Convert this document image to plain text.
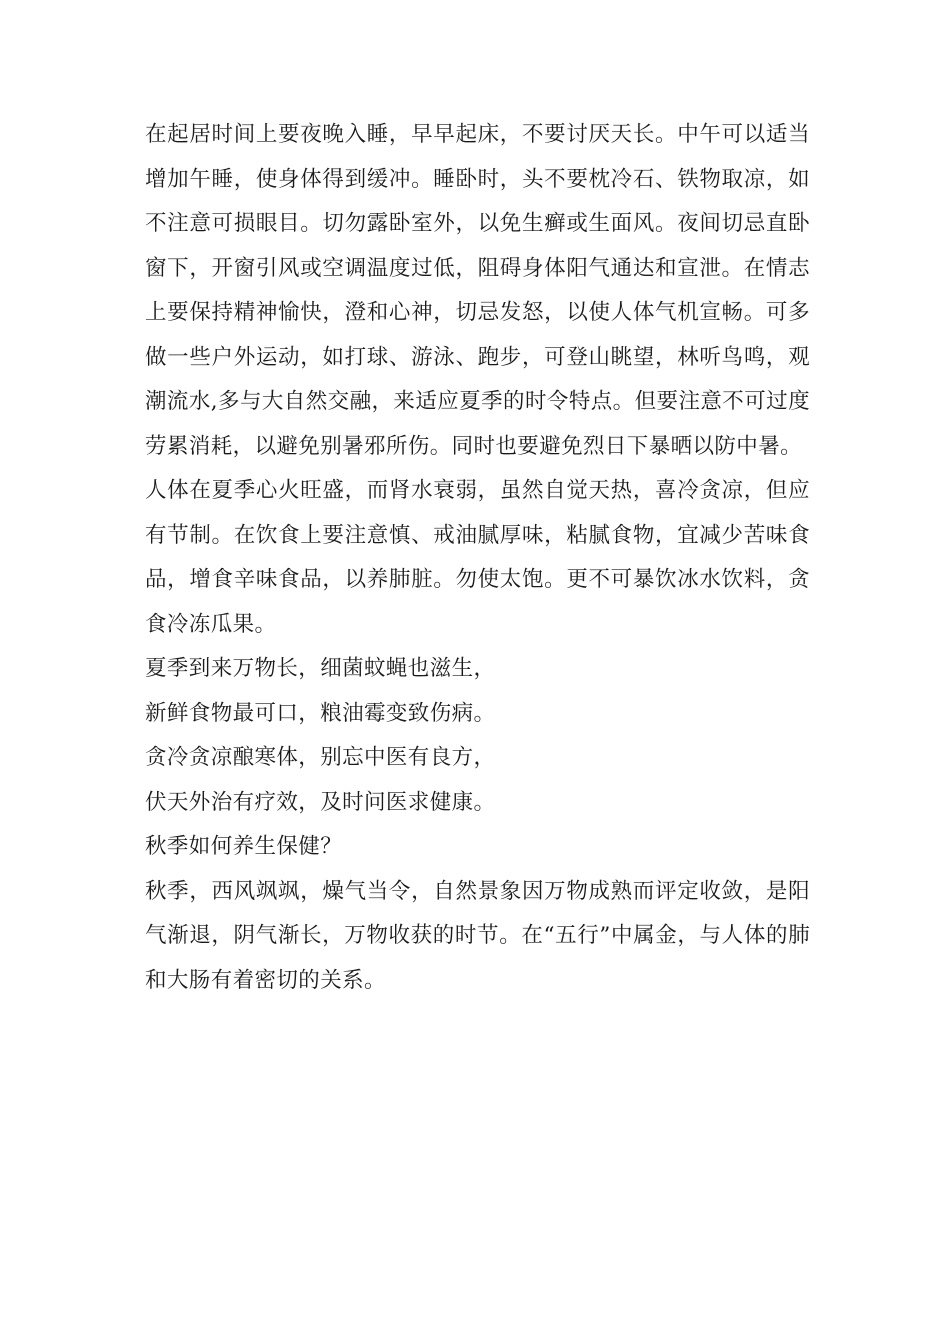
在起居时间上要夜晚入睡，早早起床，不要讨厌天长。中午可以适当增加午睡，使身体得到缓冲。睡卧时，头不要枕冷石、铁物取凉，如不注意可损眼目。切勿露卧室外，以免生癣或生面风。夜间切忌直卧窗下，开窗引风或空调温度过低，阻碍身体阳气通达和宣泄。在情志上要保持精神愉快，澄和心神，切忌发怒，以使人体气机宣畅。可多做一些户外运动，如打球、游泳、跑步，可登山眺望，林听鸟鸣，观潮流水,多与大自然交融，来适应夏季的时令特点。但要注意不可过度劳累消耗，以避免别暑邪所伤。同时也要避免烈日下暴晒以防中暑。

人体在夏季心火旺盛，而肾水衰弱，虽然自觉天热，喜冷贪凉，但应有节制。在饮食上要注意慎、戒油腻厚味，粘腻食物，宜减少苦味食品，增食辛味食品，以养肺脏。勿使太饱。更不可暴饮冰水饮料，贪食冷冻瓜果。

夏季到来万物长，细菌蚊蝇也滋生，

新鲜食物最可口，粮油霉变致伤病。

贪冷贪凉酿寒体，别忘中医有良方，

伏天外治有疗效，及时问医求健康。

秋季如何养生保健？

秋季，西风飒飒，燥气当令，自然景象因万物成熟而评定收敛，是阳气渐退，阴气渐长，万物收获的时节。在“五行”中属金，与人体的肺和大肠有着密切的关系。
